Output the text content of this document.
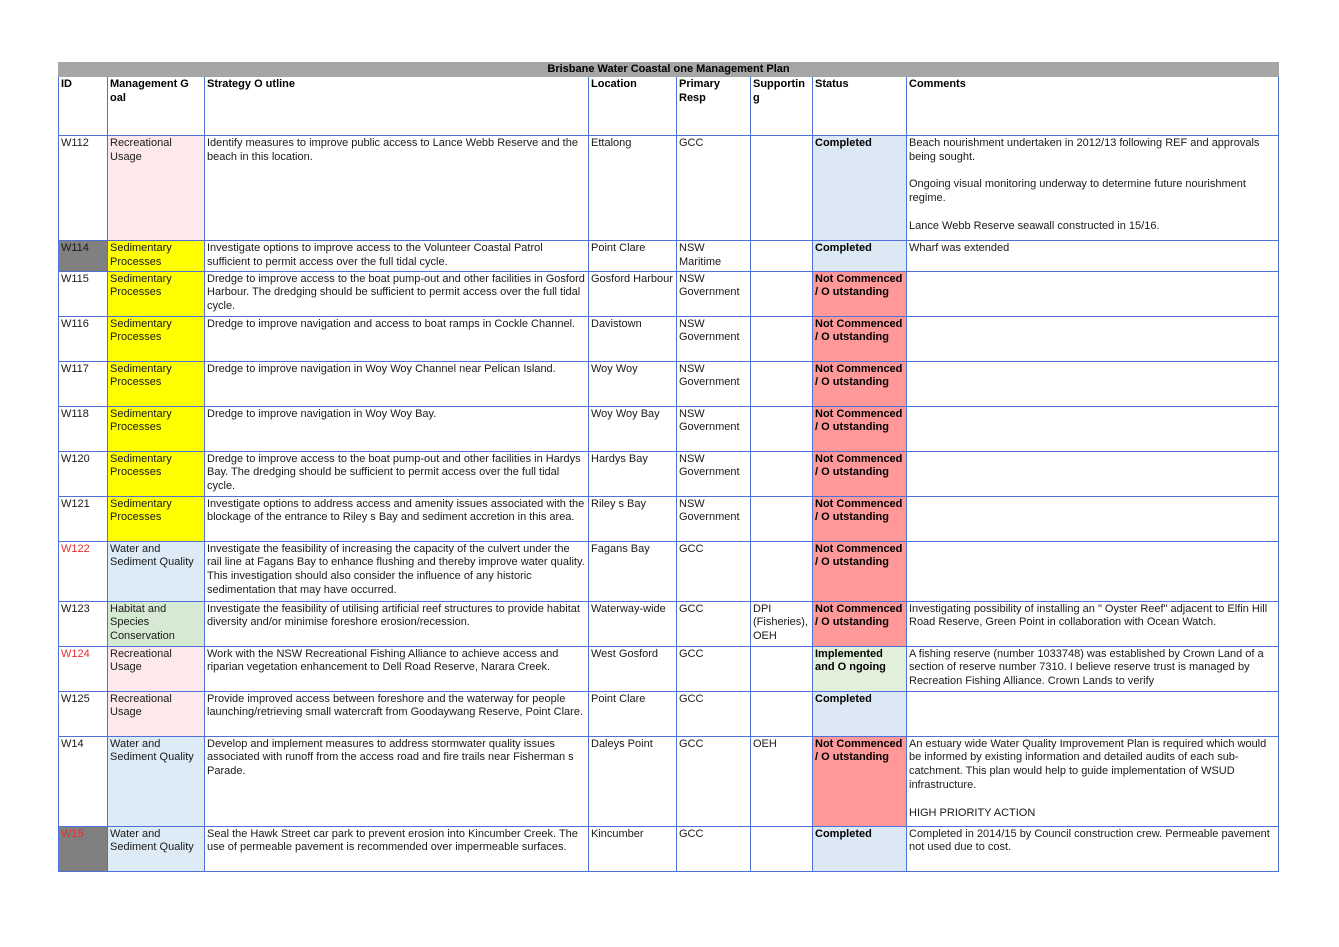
Brisbane Water Coastal one Management Plan							
ID	Management G oal	Strategy O utline	Location	Primary Resp	Supportin g	Status	Comments
W112	Recreational Usage	Identify measures to improve public access to Lance Webb Reserve and the beach in this location.	Ettalong	GCC		Completed	Beach nourishment undertaken in 2012/13 following REF and approvals being sought.

Ongoing visual monitoring underway to determine future nourishment regime.

Lance Webb Reserve seawall constructed in 15/16.

W114	Sedimentary Processes	Investigate options to improve access to the Volunteer Coastal Patrol sufficient to permit access over the full tidal cycle.	Point Clare	NSW Maritime		Completed	Wharf was extended

W115	Sedimentary Processes	Dredge to improve access to the boat pump-out and other facilities in Gosford Harbour. The dredging should be sufficient to permit access over the full tidal cycle.	Gosford Harbour	NSW Government		Not Commenced / O utstanding	

W116	Sedimentary Processes	Dredge to improve navigation and access to boat ramps in Cockle Channel.	Davistown	NSW Government		Not Commenced / O utstanding	

W117	Sedimentary Processes	Dredge to improve navigation in Woy Woy Channel near Pelican Island.	Woy Woy	NSW Government		Not Commenced / O utstanding	

W118	Sedimentary Processes	Dredge to improve navigation in Woy Woy Bay.	Woy Woy Bay	NSW Government		Not Commenced / O utstanding	

W120	Sedimentary Processes	Dredge to improve access to the boat pump-out and other facilities in Hardys Bay. The dredging should be sufficient to permit access over the full tidal cycle.	Hardys Bay	NSW Government		Not Commenced / O utstanding	

W121	Sedimentary Processes	Investigate options to address access and amenity issues associated with the blockage of the entrance to Riley s Bay and sediment accretion in this area.	Riley s Bay	NSW Government		Not Commenced / O utstanding	

W122	Water and Sediment Quality	Investigate the feasibility of increasing the capacity of the culvert under the rail line at Fagans Bay to enhance flushing and thereby improve water quality. This investigation should also consider the influence of any historic sedimentation that may have occurred.	Fagans Bay	GCC		Not Commenced / O utstanding	

W123	Habitat and Species Conservation	Investigate the feasibility of utilising artificial reef structures to provide habitat diversity and/or minimise foreshore erosion/recession.	Waterway-wide	GCC	DPI (Fisheries), OEH	Not Commenced / O utstanding	Investigating possibility of installing an " Oyster Reef" adjacent to Elfin Hill Road Reserve, Green Point in collaboration with Ocean Watch.

W124	Recreational Usage	Work with the NSW Recreational Fishing Alliance to achieve access and riparian vegetation enhancement to Dell Road Reserve, Narara Creek.	West Gosford	GCC		Implemented and O ngoing	A fishing reserve (number 1033748) was established by Crown Land of a section of reserve number 7310. I believe reserve trust is managed by Recreation Fishing Alliance. Crown Lands to verify

W125	Recreational Usage	Provide improved access between foreshore and the waterway for people launching/retrieving small watercraft from Goodaywang Reserve, Point Clare.	Point Clare	GCC		Completed	

W14	Water and Sediment Quality	Develop and implement measures to address stormwater quality issues associated with runoff from the access road and fire trails near Fisherman s Parade.	Daleys Point	GCC	OEH	Not Commenced / O utstanding	An estuary wide Water Quality Improvement Plan is required which would be informed by existing information and detailed audits of each sub-catchment. This plan would help to guide implementation of WSUD infrastructure.

HIGH PRIORITY ACTION

W15	Water and Sediment Quality	Seal the Hawk Street car park to prevent erosion into Kincumber Creek. The use of permeable pavement is recommended over impermeable surfaces.	Kincumber	GCC		Completed	Completed in 2014/15 by Council construction crew. Permeable pavement not used due to cost.
